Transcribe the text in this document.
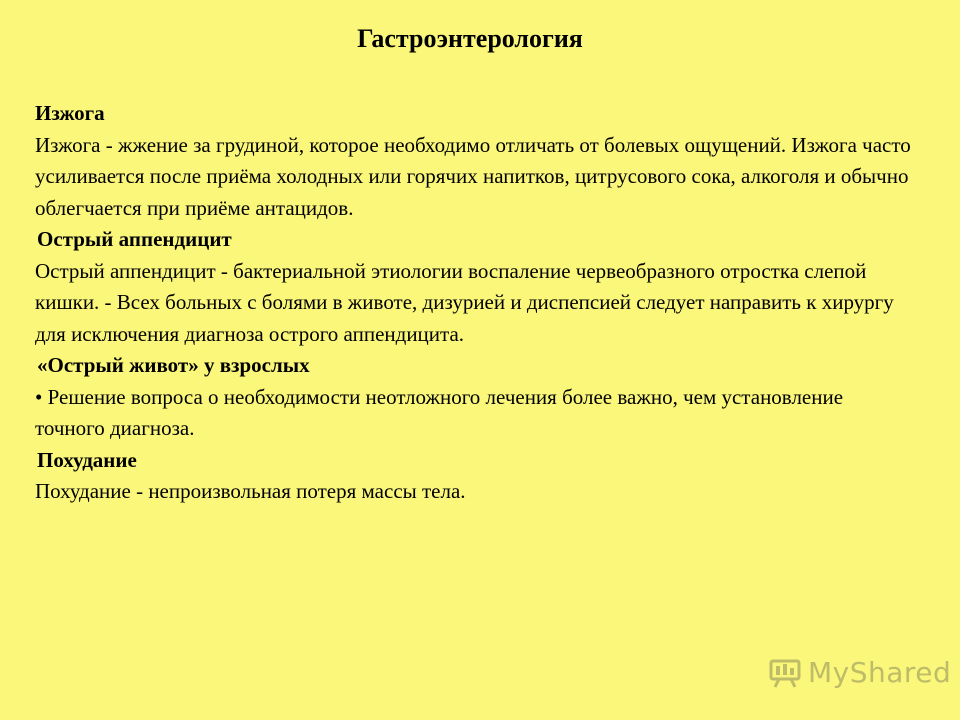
Гастроэнтерология

Изжога

Изжога - жжение за грудиной, которое необходимо отличать от болевых ощущений. Изжога часто усиливается после приёма холодных или горячих напитков, цитрусового сока, алкоголя и обычно облегчается при приёме антацидов.

Острый аппендицит

Острый аппендицит - бактериальной этиологии воспаление червеобразного отростка слепой кишки. - Всех больных с болями в животе, дизурией и диспепсией следует направить к хирургу для исключения диагноза острого аппендицита.

«Острый живот» у взрослых

• Решение вопроса о необходимости неотложного лечения более важно, чем установление точного диагноза.

Похудание

Похудание - непроизвольная потеря массы тела.

MyShared
